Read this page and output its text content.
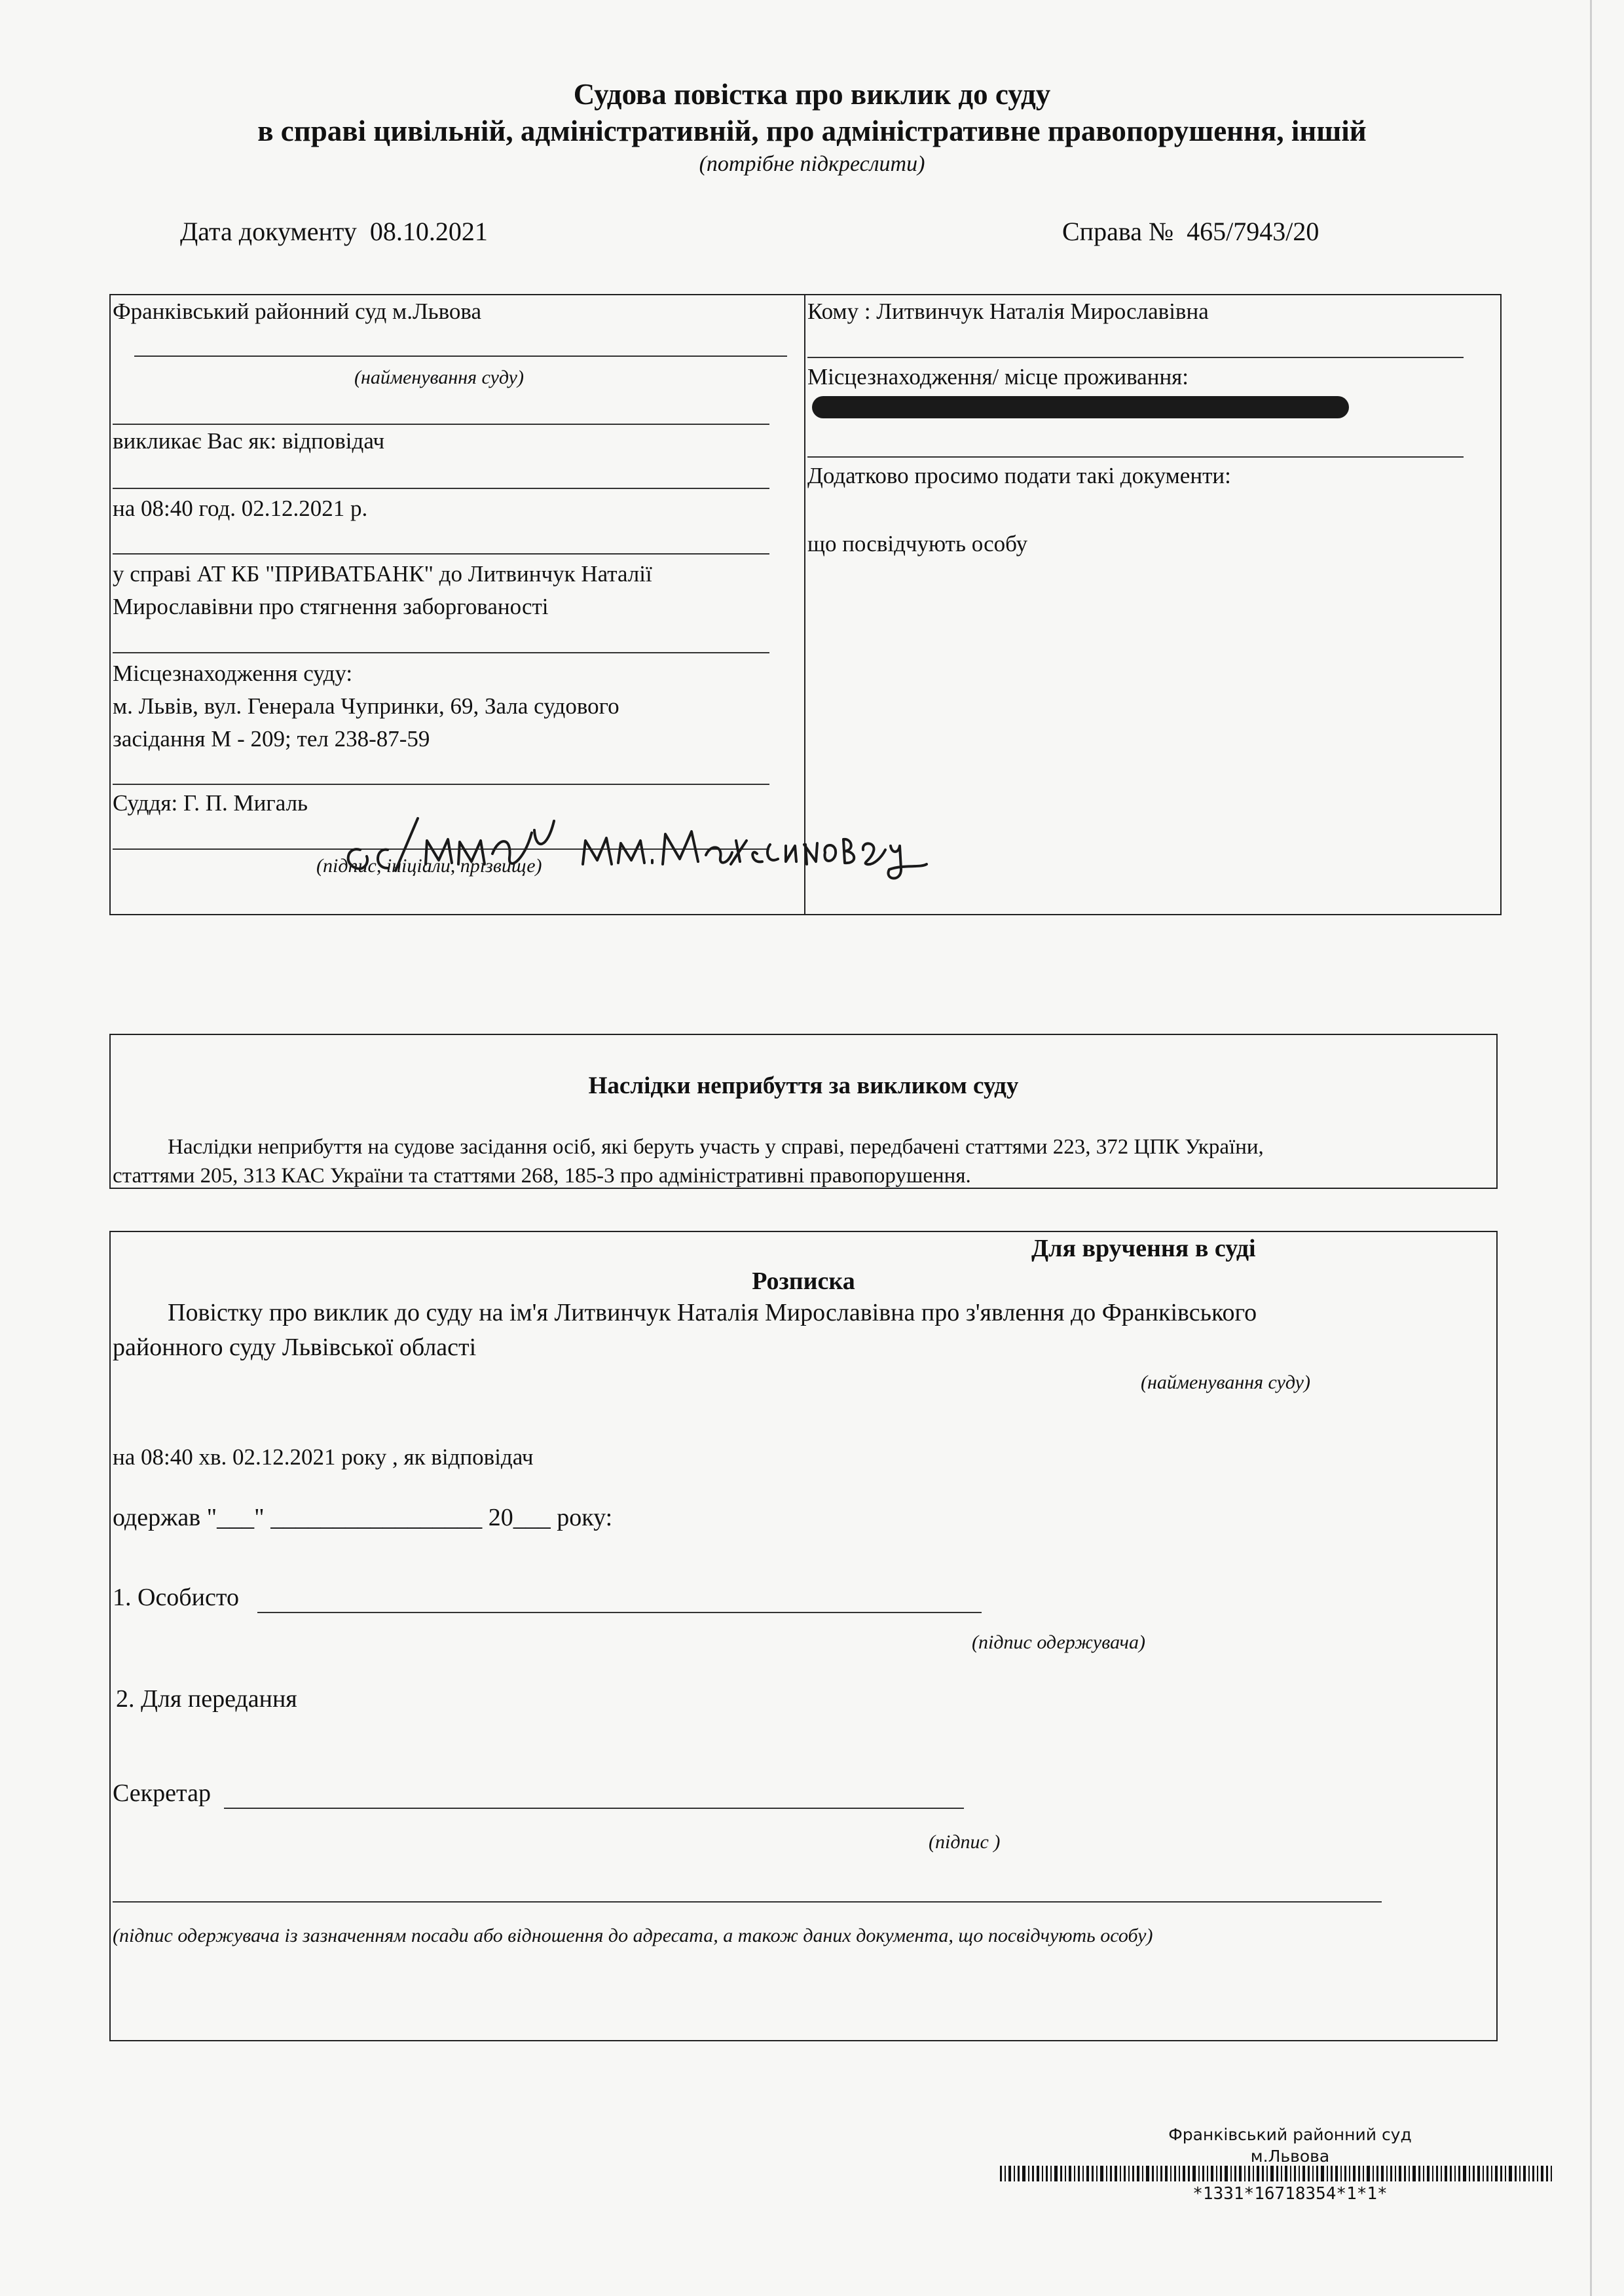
Судова повістка про виклик до суду
в справі цивільній, адміністративній, про адміністративне правопорушення, іншій
(потрібне підкреслити)
Дата документу 08.10.2021	Справа № 465/7943/20
Франківський районний суд м.Львова
(найменування суду)
викликає Вас як: відповідач
на 08:40 год. 02.12.2021 р.
у справі АТ КБ "ПРИВАТБАНК" до Литвинчук Наталії
Мирославівни про стягнення заборгованості
Місцезнаходження суду:
м. Львів, вул. Генерала Чупринки, 69, Зала судового
засідання М - 209; тел 238-87-59
Суддя: Г. П. Мигаль
(підпис, ініціали, прізвище)
Кому : Литвинчук Наталія Мирославівна
Місцезнаходження/ місце проживання:
Додатково просимо подати такі документи:
що посвідчують особу
Наслідки неприбуття за викликом суду
Наслідки неприбуття на судове засідання осіб, які беруть участь у справі, передбачені статтями 223, 372 ЦПК України,
статтями 205, 313 КАС України та статтями 268, 185-3 про адміністративні правопорушення.
Для вручення в суді
Розписка
Повістку про виклик до суду на ім'я Литвинчук Наталія Мирославівна про з'явлення до Франківського
районного суду Львівської області
(найменування суду)
на 08:40 хв. 02.12.2021 року , як відповідач
одержав "___" _________________ 20___ року:
1. Особисто
(підпис одержувача)
2. Для передання
Секретар
(підпис )
(підпис одержувача із зазначенням посади або відношення до адресата, а також даних документа, що посвідчують особу)
Франківський районний суд
м.Львова
*1331*16718354*1*1*
